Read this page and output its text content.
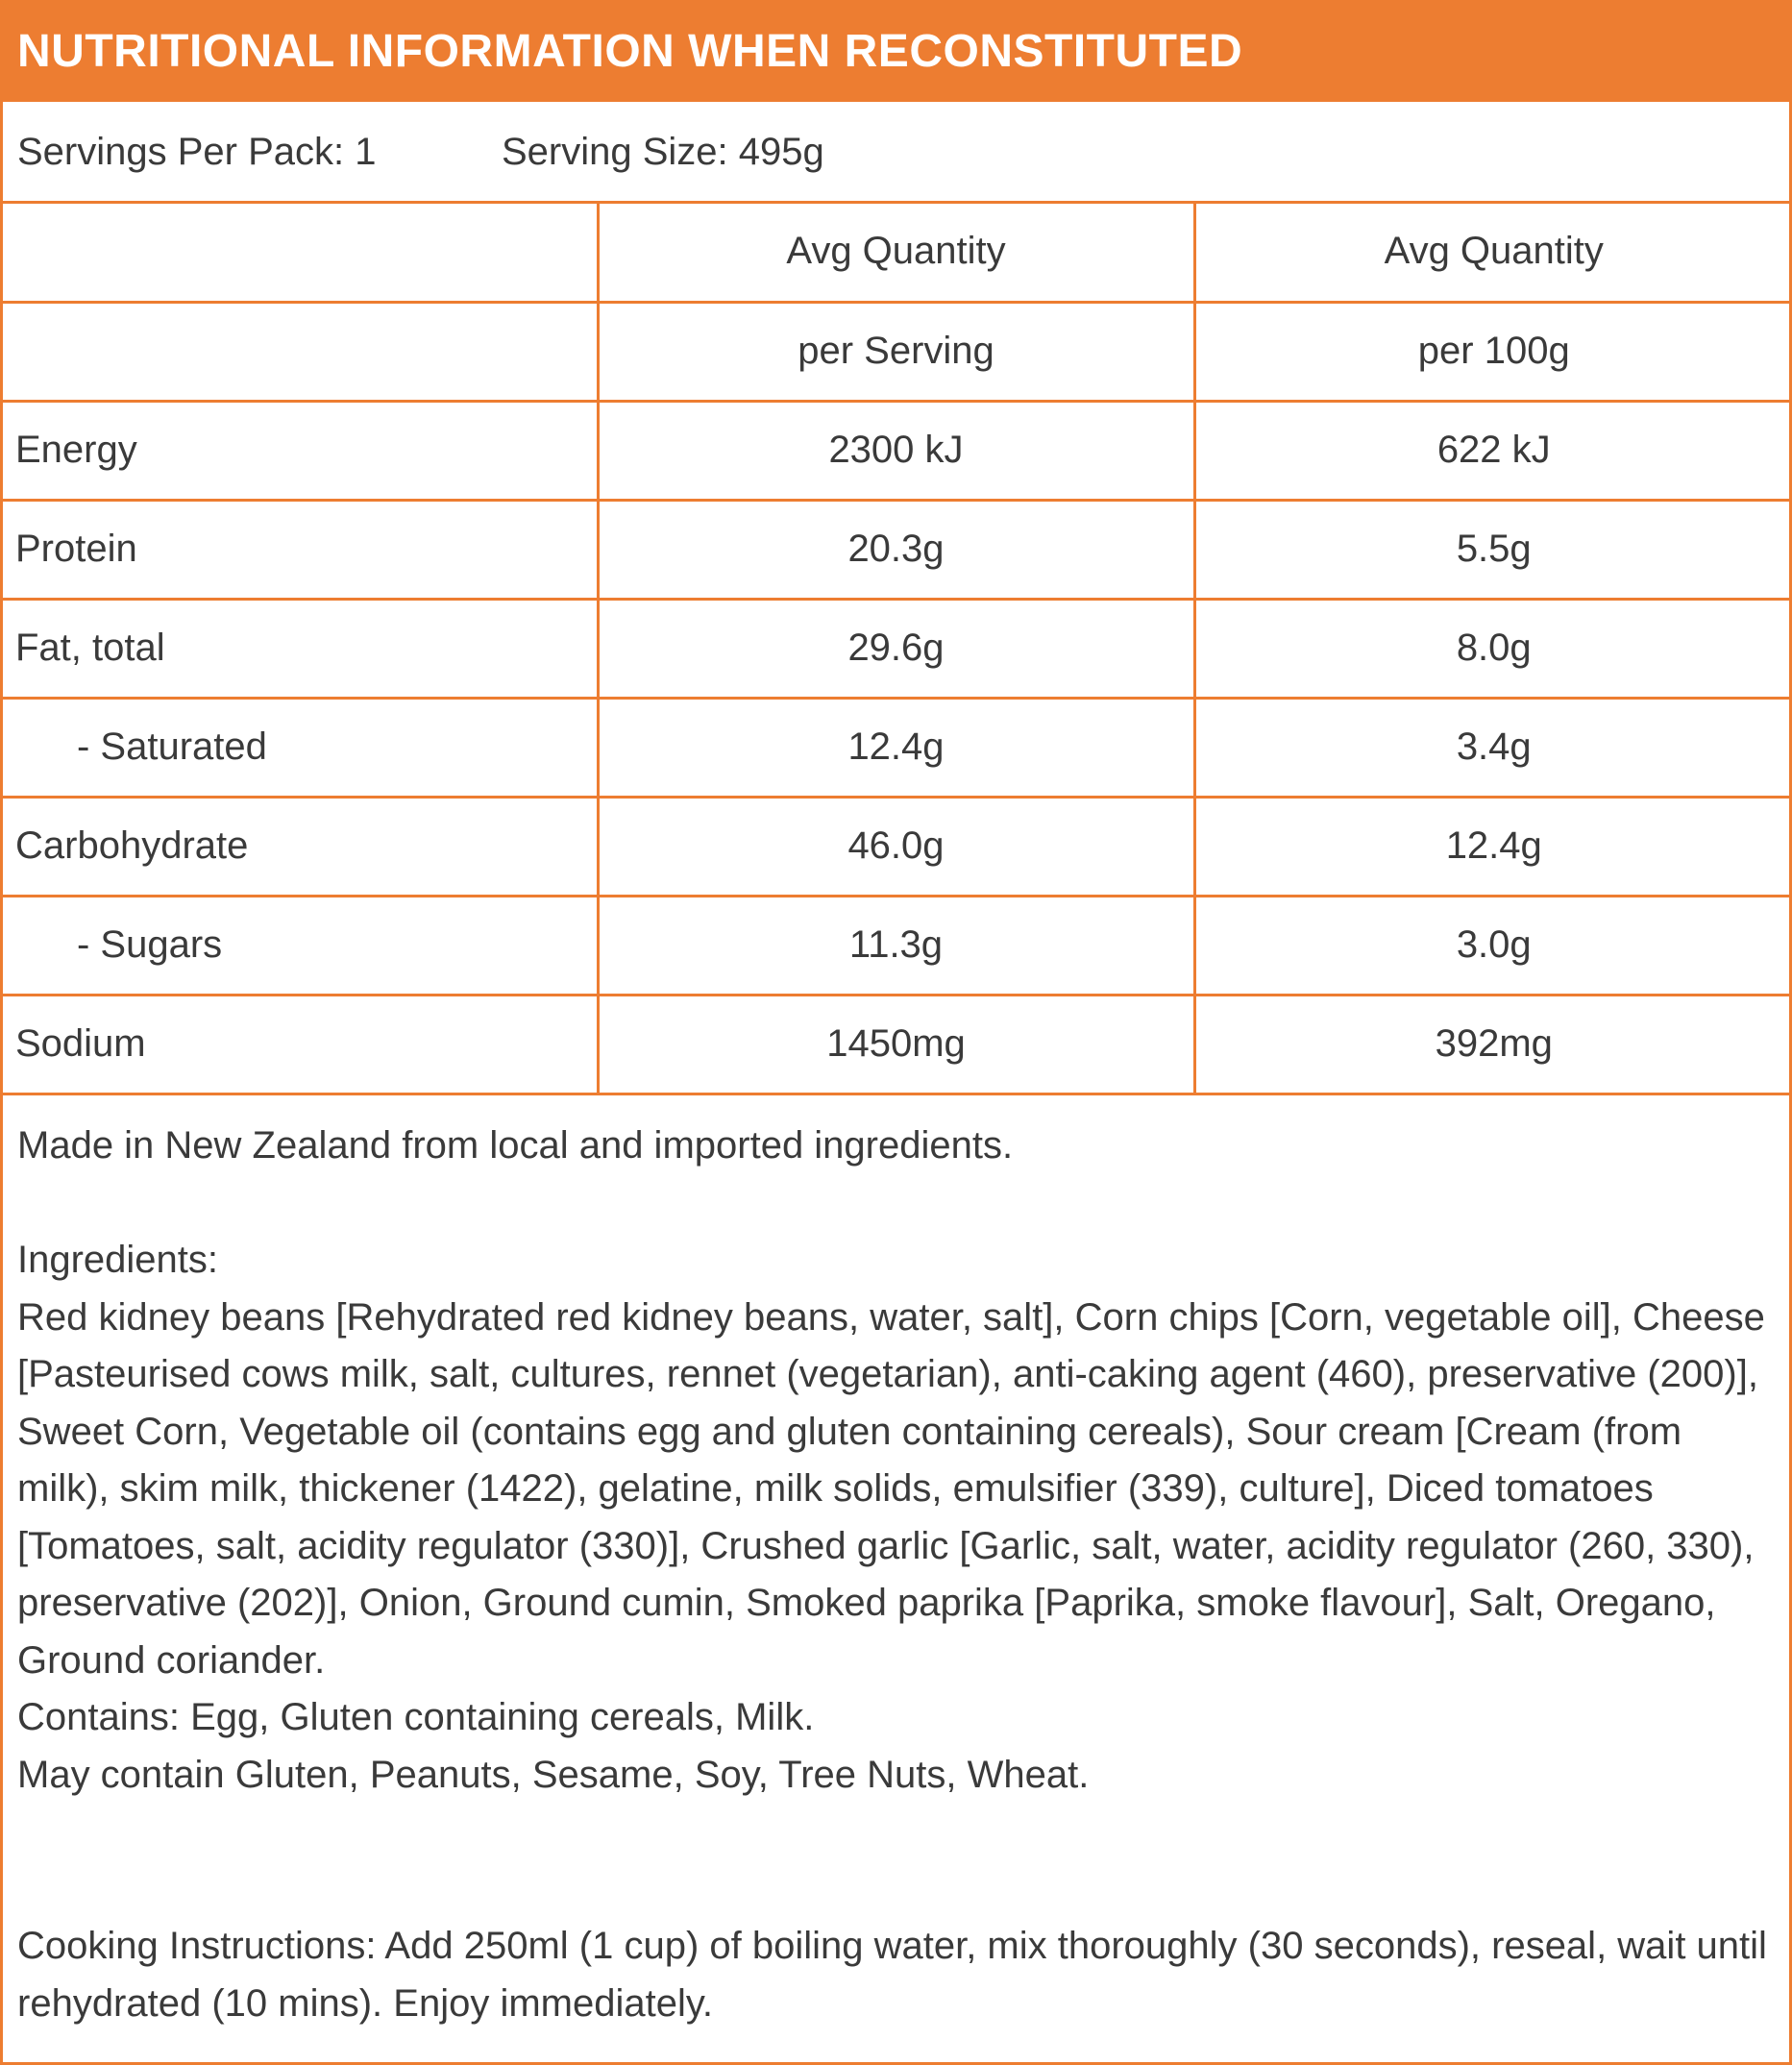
NUTRITIONAL INFORMATION WHEN RECONSTITUTED
Servings Per Pack: 1	Serving Size: 495g
	Avg Quantity	Avg Quantity
	per Serving	per 100g
Energy	2300 kJ	622 kJ
Protein	20.3g	5.5g
Fat, total	29.6g	8.0g
- Saturated	12.4g	3.4g
Carbohydrate	46.0g	12.4g
- Sugars	11.3g	3.0g
Sodium	1450mg	392mg

Made in New Zealand from local and imported ingredients.

Ingredients:

Red kidney beans [Rehydrated red kidney beans, water, salt], Corn chips [Corn, vegetable oil], Cheese [Pasteurised cows milk, salt, cultures, rennet (vegetarian), anti-caking agent (460), preservative (200)], Sweet Corn, Vegetable oil (contains egg and gluten containing cereals), Sour cream [Cream (from milk), skim milk, thickener (1422), gelatine, milk solids, emulsifier (339), culture], Diced tomatoes [Tomatoes, salt, acidity regulator (330)], Crushed garlic [Garlic, salt, water, acidity regulator (260, 330), preservative (202)], Onion, Ground cumin, Smoked paprika [Paprika, smoke flavour], Salt, Oregano, Ground coriander.

Contains: Egg, Gluten containing cereals, Milk.

May contain Gluten, Peanuts, Sesame, Soy, Tree Nuts, Wheat.

Cooking Instructions: Add 250ml (1 cup) of boiling water, mix thoroughly (30 seconds), reseal, wait until rehydrated (10 mins). Enjoy immediately.
